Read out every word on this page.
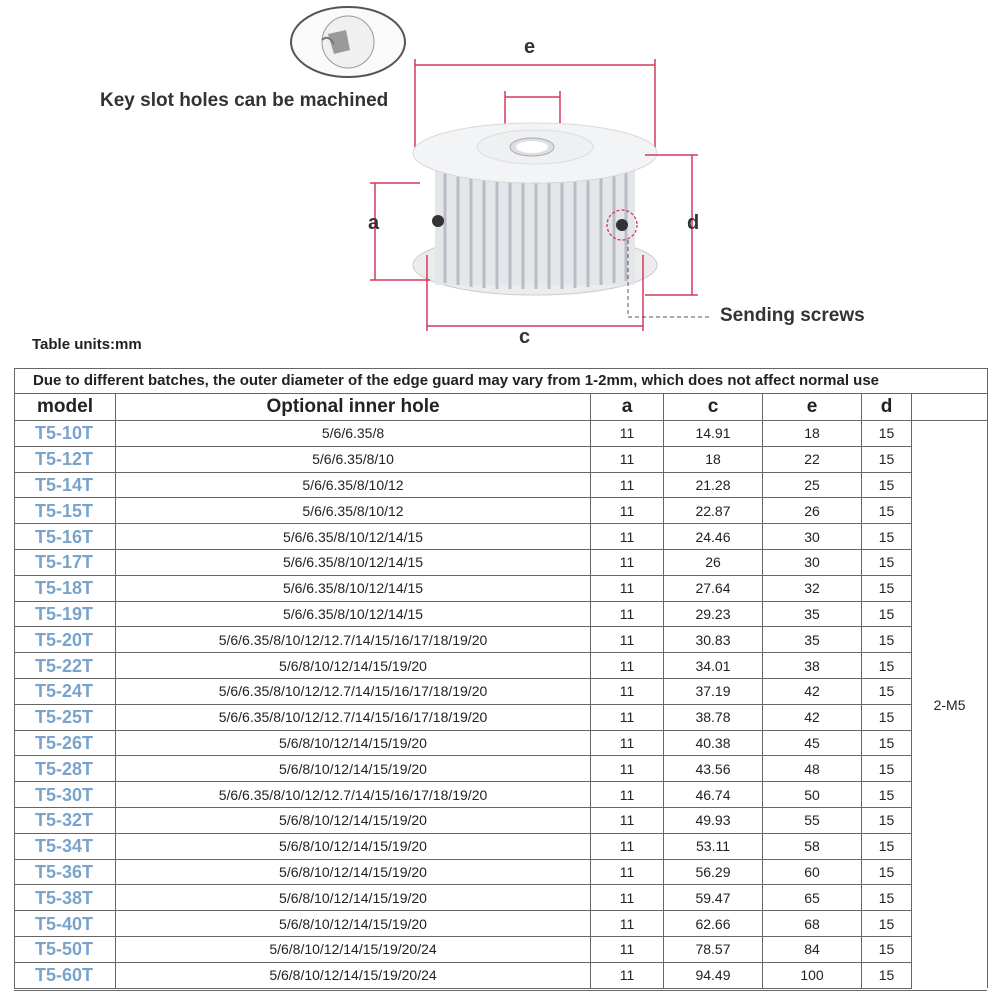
Key slot holes can be machined
e
a	d
c
Sending screws
Table units:mm
Due to different batches, the outer diameter of the edge guard may vary from 1-2mm, which does not affect normal use						
model	Optional inner hole	a	c	e	d	
T5-10T	5/6/6.35/8	11	14.91	18	15	2-M5
T5-12T	5/6/6.35/8/10	11	18	22	15	
T5-14T	5/6/6.35/8/10/12	11	21.28	25	15	
T5-15T	5/6/6.35/8/10/12	11	22.87	26	15	
T5-16T	5/6/6.35/8/10/12/14/15	11	24.46	30	15	
T5-17T	5/6/6.35/8/10/12/14/15	11	26	30	15	
T5-18T	5/6/6.35/8/10/12/14/15	11	27.64	32	15	
T5-19T	5/6/6.35/8/10/12/14/15	11	29.23	35	15	
T5-20T	5/6/6.35/8/10/12/12.7/14/15/16/17/18/19/20	11	30.83	35	15	
T5-22T	5/6/8/10/12/14/15/19/20	11	34.01	38	15	
T5-24T	5/6/6.35/8/10/12/12.7/14/15/16/17/18/19/20	11	37.19	42	15	
T5-25T	5/6/6.35/8/10/12/12.7/14/15/16/17/18/19/20	11	38.78	42	15	
T5-26T	5/6/8/10/12/14/15/19/20	11	40.38	45	15	
T5-28T	5/6/8/10/12/14/15/19/20	11	43.56	48	15	
T5-30T	5/6/6.35/8/10/12/12.7/14/15/16/17/18/19/20	11	46.74	50	15	
T5-32T	5/6/8/10/12/14/15/19/20	11	49.93	55	15	
T5-34T	5/6/8/10/12/14/15/19/20	11	53.11	58	15	
T5-36T	5/6/8/10/12/14/15/19/20	11	56.29	60	15	
T5-38T	5/6/8/10/12/14/15/19/20	11	59.47	65	15	
T5-40T	5/6/8/10/12/14/15/19/20	11	62.66	68	15	
T5-50T	5/6/8/10/12/14/15/19/20/24	11	78.57	84	15	
T5-60T	5/6/8/10/12/14/15/19/20/24	11	94.49	100	15	
